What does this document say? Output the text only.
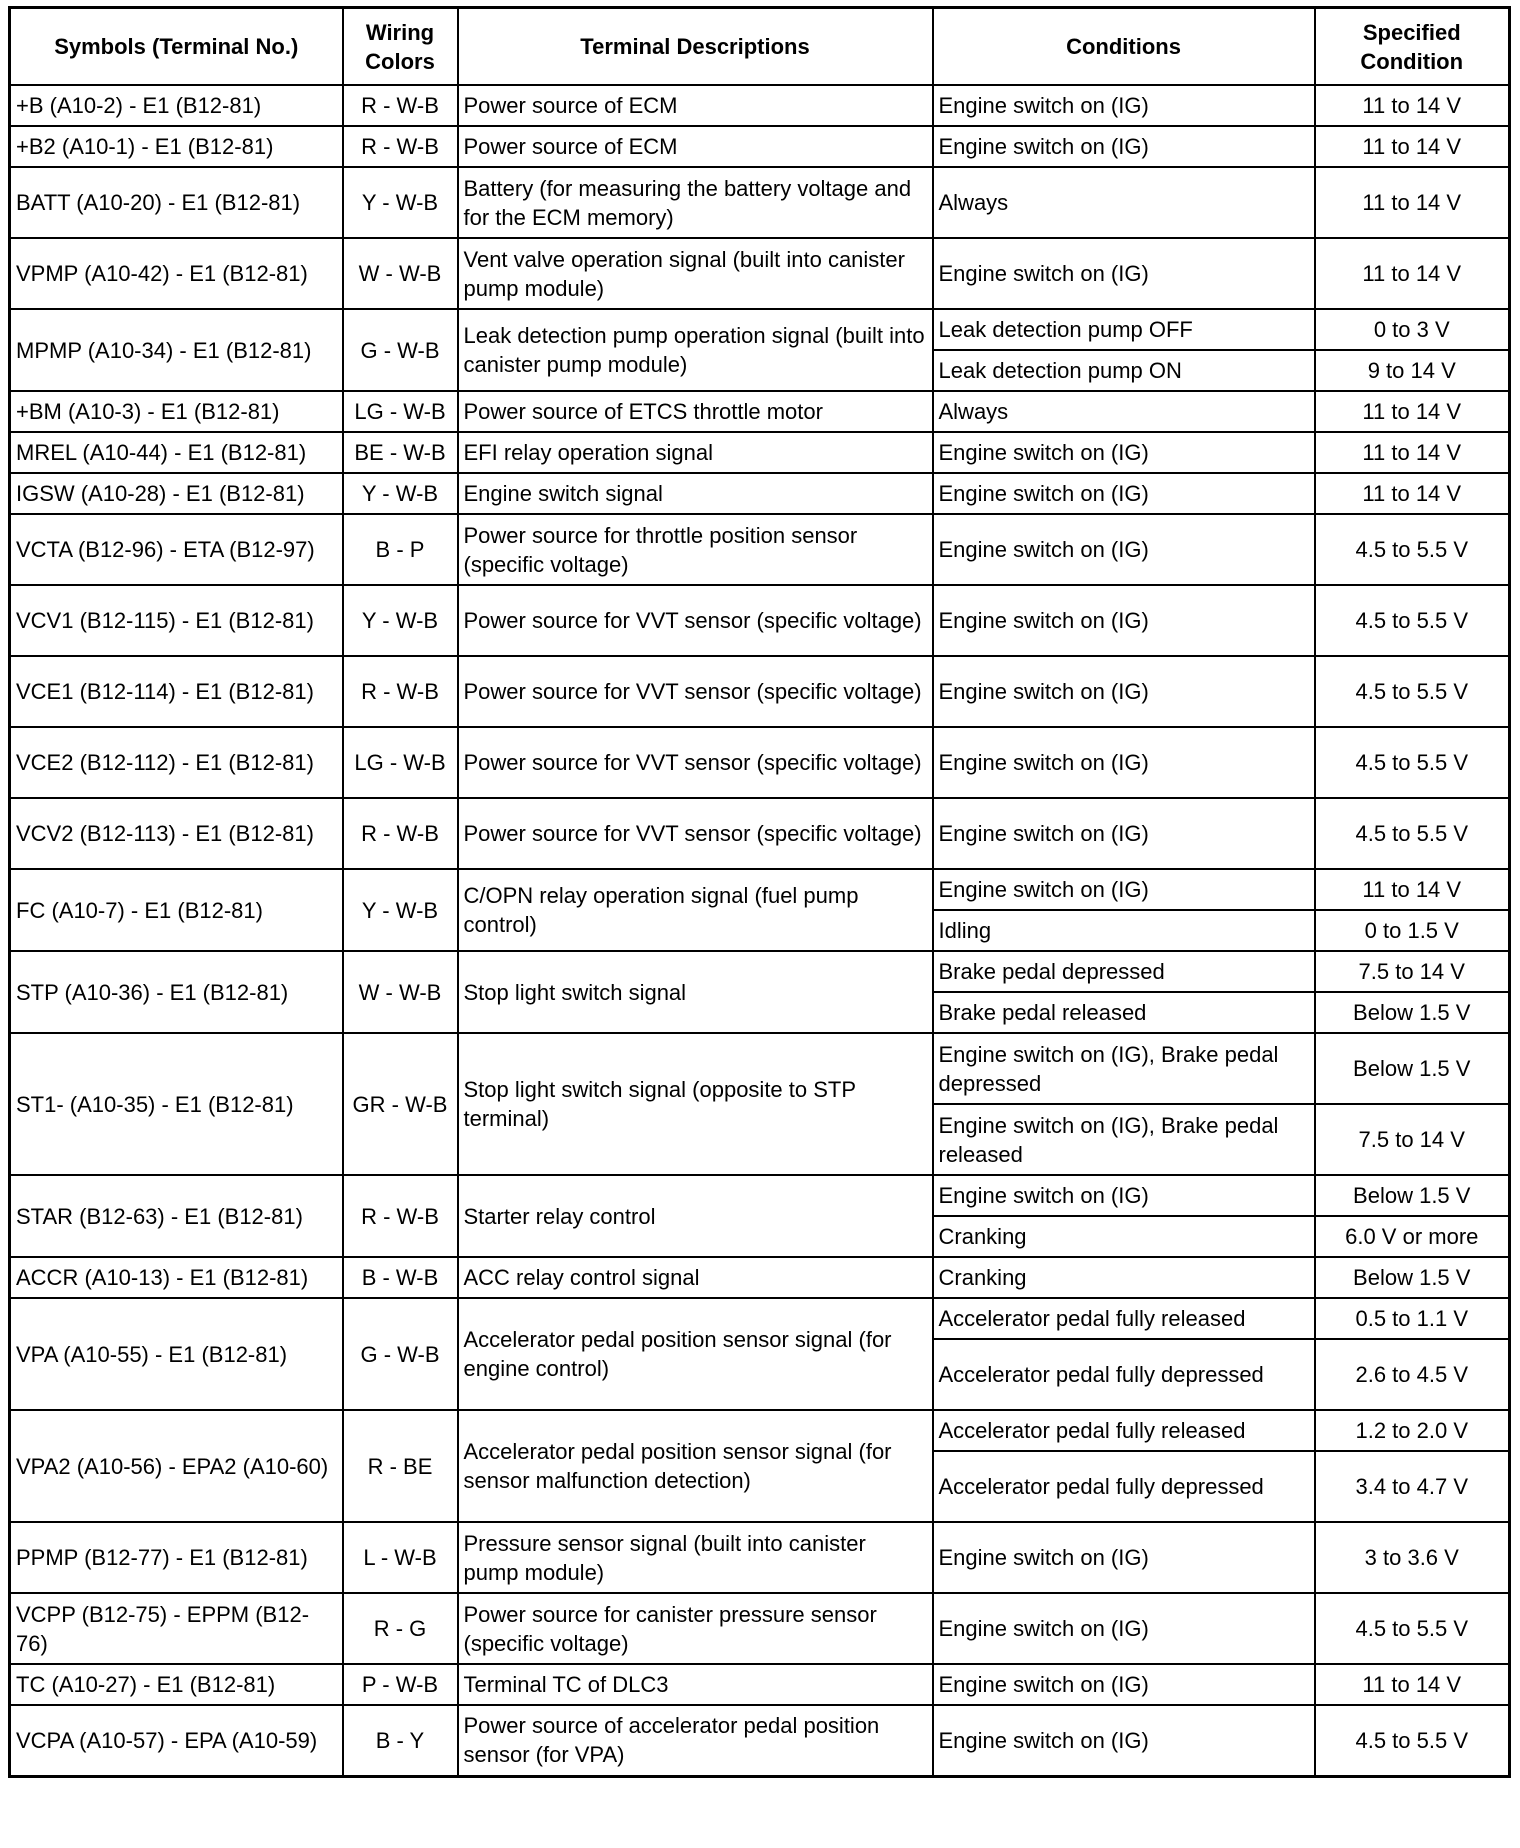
Symbols (Terminal No.)	Wiring Colors	Terminal Descriptions	Conditions	Specified Condition
+B (A10-2) - E1 (B12-81)	R - W-B	Power source of ECM	Engine switch on (IG)	11 to 14 V
+B2 (A10-1) - E1 (B12-81)	R - W-B	Power source of ECM	Engine switch on (IG)	11 to 14 V
BATT (A10-20) - E1 (B12-81)	Y - W-B	Battery (for measuring the battery voltage and for the ECM memory)	Always	11 to 14 V
VPMP (A10-42) - E1 (B12-81)	W - W-B	Vent valve operation signal (built into canister pump module)	Engine switch on (IG)	11 to 14 V
MPMP (A10-34) - E1 (B12-81)	G - W-B	Leak detection pump operation signal (built into canister pump module)	Leak detection pump OFF	0 to 3 V
			Leak detection pump ON	9 to 14 V
+BM (A10-3) - E1 (B12-81)	LG - W-B	Power source of ETCS throttle motor	Always	11 to 14 V
MREL (A10-44) - E1 (B12-81)	BE - W-B	EFI relay operation signal	Engine switch on (IG)	11 to 14 V
IGSW (A10-28) - E1 (B12-81)	Y - W-B	Engine switch signal	Engine switch on (IG)	11 to 14 V
VCTA (B12-96) - ETA (B12-97)	B - P	Power source for throttle position sensor (specific voltage)	Engine switch on (IG)	4.5 to 5.5 V
VCV1 (B12-115) - E1 (B12-81)	Y - W-B	Power source for VVT sensor (specific voltage)	Engine switch on (IG)	4.5 to 5.5 V
VCE1 (B12-114) - E1 (B12-81)	R - W-B	Power source for VVT sensor (specific voltage)	Engine switch on (IG)	4.5 to 5.5 V
VCE2 (B12-112) - E1 (B12-81)	LG - W-B	Power source for VVT sensor (specific voltage)	Engine switch on (IG)	4.5 to 5.5 V
VCV2 (B12-113) - E1 (B12-81)	R - W-B	Power source for VVT sensor (specific voltage)	Engine switch on (IG)	4.5 to 5.5 V
FC (A10-7) - E1 (B12-81)	Y - W-B	C/OPN relay operation signal (fuel pump control)	Engine switch on (IG)	11 to 14 V
			Idling	0 to 1.5 V
STP (A10-36) - E1 (B12-81)	W - W-B	Stop light switch signal	Brake pedal depressed	7.5 to 14 V
			Brake pedal released	Below 1.5 V
ST1- (A10-35) - E1 (B12-81)	GR - W-B	Stop light switch signal (opposite to STP terminal)	Engine switch on (IG), Brake pedal depressed	Below 1.5 V
			Engine switch on (IG), Brake pedal released	7.5 to 14 V
STAR (B12-63) - E1 (B12-81)	R - W-B	Starter relay control	Engine switch on (IG)	Below 1.5 V
			Cranking	6.0 V or more
ACCR (A10-13) - E1 (B12-81)	B - W-B	ACC relay control signal	Cranking	Below 1.5 V
VPA (A10-55) - E1 (B12-81)	G - W-B	Accelerator pedal position sensor signal (for engine control)	Accelerator pedal fully released	0.5 to 1.1 V
			Accelerator pedal fully depressed	2.6 to 4.5 V
VPA2 (A10-56) - EPA2 (A10-60)	R - BE	Accelerator pedal position sensor signal (for sensor malfunction detection)	Accelerator pedal fully released	1.2 to 2.0 V
			Accelerator pedal fully depressed	3.4 to 4.7 V
PPMP (B12-77) - E1 (B12-81)	L - W-B	Pressure sensor signal (built into canister pump module)	Engine switch on (IG)	3 to 3.6 V
VCPP (B12-75) - EPPM (B12-76)	R - G	Power source for canister pressure sensor (specific voltage)	Engine switch on (IG)	4.5 to 5.5 V
TC (A10-27) - E1 (B12-81)	P - W-B	Terminal TC of DLC3	Engine switch on (IG)	11 to 14 V
VCPA (A10-57) - EPA (A10-59)	B - Y	Power source of accelerator pedal position sensor (for VPA)	Engine switch on (IG)	4.5 to 5.5 V
